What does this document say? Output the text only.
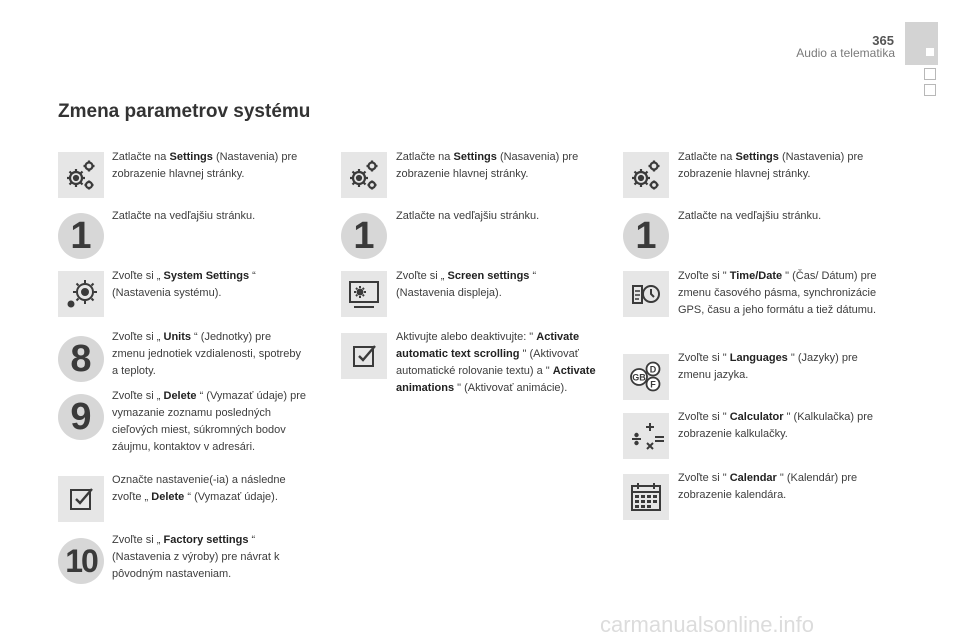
365
Audio a telematika
Zmena parametrov systému
Zatlačte na Settings (Nastavenia) pre zobrazenie hlavnej stránky.
1	Zatlačte na vedľajšiu stránku.
Zvoľte si „ System Settings “ (Nastavenia systému).
8
Zvoľte si „ Units “ (Jednotky) pre zmenu jednotiek vzdialenosti, spotreby a teploty.
9	Zvoľte si „ Delete “ (Vymazať údaje) pre vymazanie zoznamu posledných cieľových miest, súkromných bodov záujmu, kontaktov v adresári.
Označte nastavenie(-ia) a následne zvoľte „ Delete “ (Vymazať údaje).
10
Zvoľte si „ Factory settings “ (Nastavenia z výroby) pre návrat k pôvodným nastaveniam.
Zatlačte na Settings (Nasavenia) pre zobrazenie hlavnej stránky.
1	Zatlačte na vedľajšiu stránku.
Zvoľte si „ Screen settings “ (Nastavenia displeja).
Aktivujte alebo deaktivujte: " Activate automatic text scrolling " (Aktivovať automatické rolovanie textu) a " Activate animations " (Aktivovať animácie).
Zatlačte na Settings (Nastavenia) pre zobrazenie hlavnej stránky.
1	Zatlačte na vedľajšiu stránku.
Zvoľte si " Time/Date " (Čas/ Dátum) pre zmenu časového pásma, synchronizácie GPS, času a jeho formátu a tiež dátumu.
D
F
GB
Zvoľte si " Languages " (Jazyky) pre zmenu jazyka.
Zvoľte si " Calculator " (Kalkulačka) pre zobrazenie kalkulačky.
Zvoľte si " Calendar " (Kalendár) pre zobrazenie kalendára.
carmanualsonline.info
